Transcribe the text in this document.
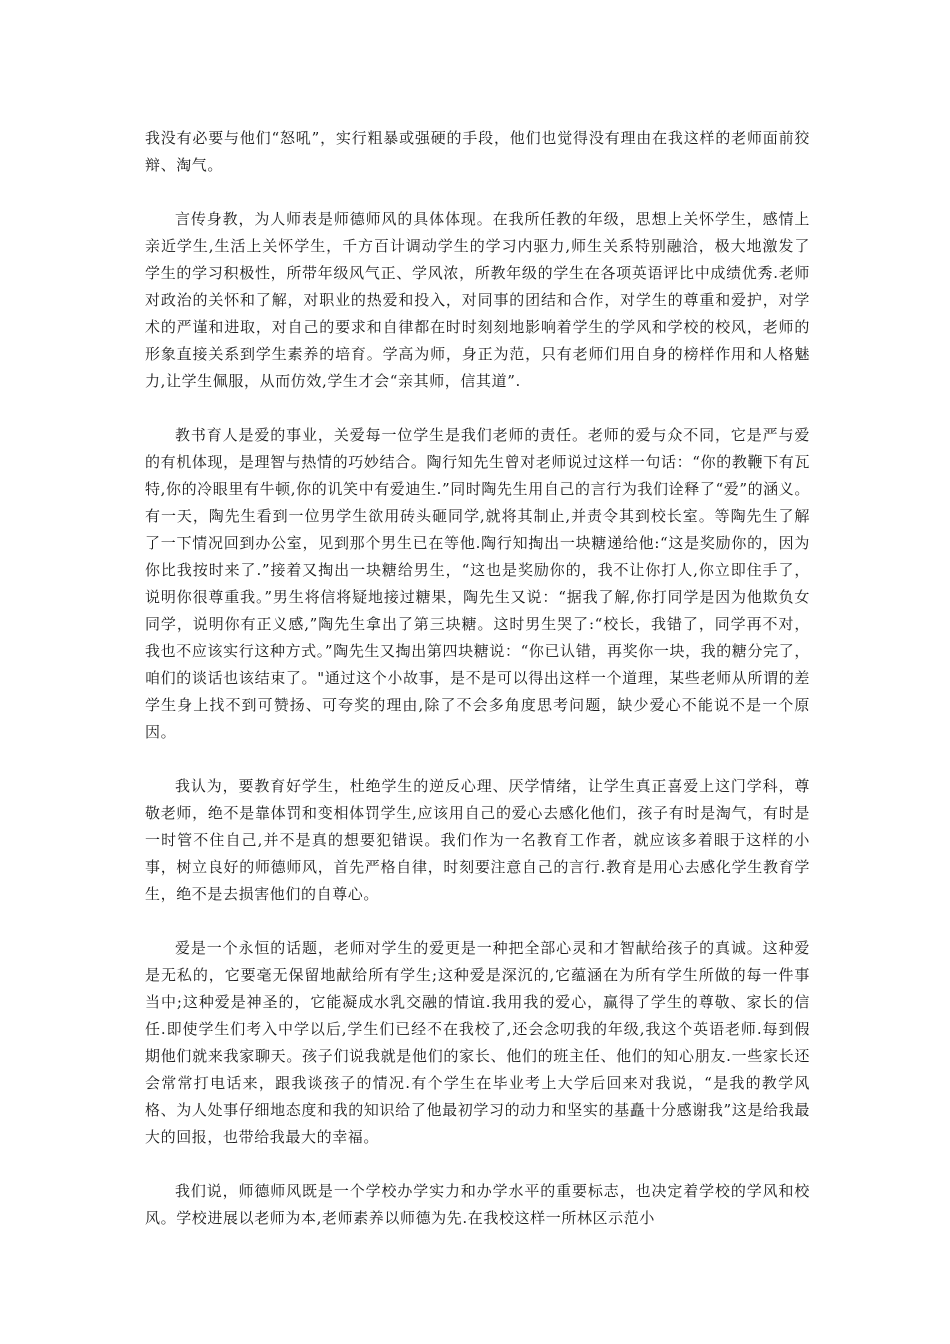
我没有必要与他们“怒吼”，实行粗暴或强硬的手段，他们也觉得没有理由在我这样的老师面前狡辩、淘气。

言传身教，为人师表是师德师风的具体体现。在我所任教的年级，思想上关怀学生，感情上亲近学生,生活上关怀学生，千方百计调动学生的学习内驱力,师生关系特别融洽，极大地激发了学生的学习积极性，所带年级风气正、学风浓，所教年级的学生在各项英语评比中成绩优秀.老师对政治的关怀和了解，对职业的热爱和投入，对同事的团结和合作，对学生的尊重和爱护，对学术的严谨和进取，对自己的要求和自律都在时时刻刻地影响着学生的学风和学校的校风，老师的形象直接关系到学生素养的培育。学高为师，身正为范，只有老师们用自身的榜样作用和人格魅力,让学生佩服，从而仿效,学生才会“亲其师，信其道”.

教书育人是爱的事业，关爱每一位学生是我们老师的责任。老师的爱与众不同，它是严与爱的有机体现，是理智与热情的巧妙结合。陶行知先生曾对老师说过这样一句话：“你的教鞭下有瓦特,你的冷眼里有牛顿,你的讥笑中有爱迪生.”同时陶先生用自己的言行为我们诠释了“爱”的涵义。有一天，陶先生看到一位男学生欲用砖头砸同学,就将其制止,并责令其到校长室。等陶先生了解了一下情况回到办公室，见到那个男生已在等他.陶行知掏出一块糖递给他:“这是奖励你的，因为你比我按时来了.”接着又掏出一块糖给男生，“这也是奖励你的，我不让你打人,你立即住手了，说明你很尊重我。”男生将信将疑地接过糖果，陶先生又说：“据我了解,你打同学是因为他欺负女同学，说明你有正义感,”陶先生拿出了第三块糖。这时男生哭了:“校长，我错了，同学再不对，我也不应该实行这种方式。”陶先生又掏出第四块糖说：“你已认错，再奖你一块，我的糖分完了，咱们的谈话也该结束了。"通过这个小故事，是不是可以得出这样一个道理，某些老师从所谓的差学生身上找不到可赞扬、可夸奖的理由,除了不会多角度思考问题，缺少爱心不能说不是一个原因。

我认为，要教育好学生，杜绝学生的逆反心理、厌学情绪，让学生真正喜爱上这门学科，尊敬老师，绝不是靠体罚和变相体罚学生,应该用自己的爱心去感化他们，孩子有时是淘气，有时是一时管不住自己,并不是真的想要犯错误。我们作为一名教育工作者，就应该多着眼于这样的小事，树立良好的师德师风，首先严格自律，时刻要注意自己的言行.教育是用心去感化学生教育学生，绝不是去损害他们的自尊心。

爱是一个永恒的话题，老师对学生的爱更是一种把全部心灵和才智献给孩子的真诚。这种爱是无私的，它要毫无保留地献给所有学生;这种爱是深沉的,它蕴涵在为所有学生所做的每一件事当中;这种爱是神圣的，它能凝成水乳交融的情谊.我用我的爱心，赢得了学生的尊敬、家长的信任.即使学生们考入中学以后,学生们已经不在我校了,还会念叨我的年级,我这个英语老师.每到假期他们就来我家聊天。孩子们说我就是他们的家长、他们的班主任、他们的知心朋友.一些家长还会常常打电话来，跟我谈孩子的情况.有个学生在毕业考上大学后回来对我说，“是我的教学风格、为人处事仔细地态度和我的知识给了他最初学习的动力和坚实的基矗十分感谢我”这是给我最大的回报，也带给我最大的幸福。

我们说，师德师风既是一个学校办学实力和办学水平的重要标志，也决定着学校的学风和校风。学校进展以老师为本,老师素养以师德为先.在我校这样一所林区示范小
